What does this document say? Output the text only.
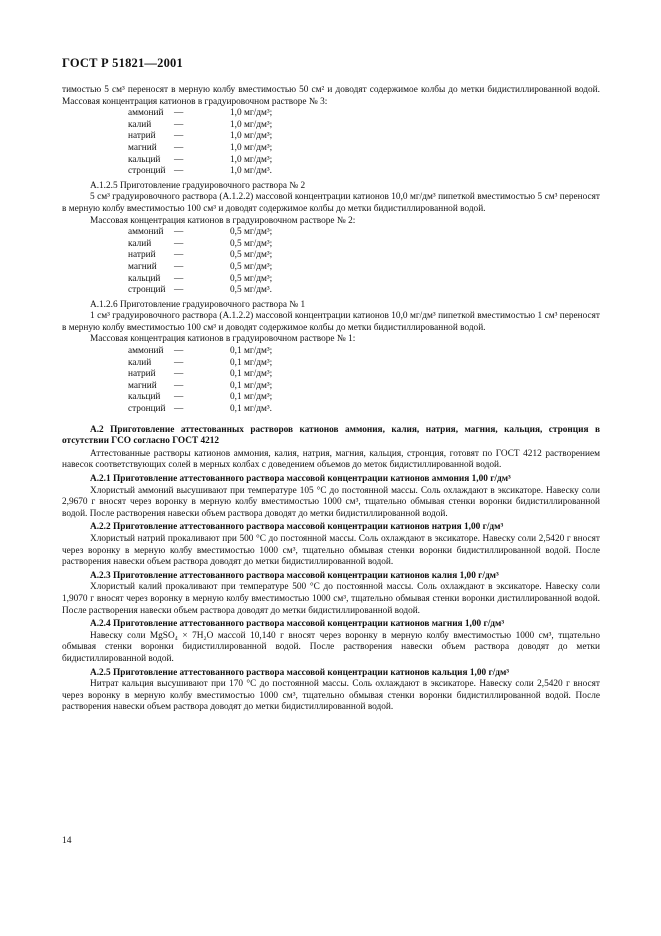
ГОСТ Р 51821—2001

тимостью 5 см³ переносят в мерную колбу вместимостью 50 см² и доводят содержимое колбы до метки бидистиллированной водой. Массовая концентрация катионов в градуировочном растворе № 3:

аммоний	—	1,0 мг/дм³;
калий	—	1,0 мг/дм³;
натрий	—	1,0 мг/дм³;
магний	—	1,0 мг/дм³;
кальций	—	1,0 мг/дм³;
стронций —	1,0 мг/дм³.

А.1.2.5 Приготовление градуировочного раствора № 2

5 см³ градуировочного раствора (А.1.2.2) массовой концентрации катионов 10,0 мг/дм³ пипеткой вместимостью 5 см³ переносят в мерную колбу вместимостью 100 см³ и доводят содержимое колбы до метки бидистиллированной водой.

Массовая концентрация катионов в градуировочном растворе № 2:

аммоний	—	0,5 мг/дм³;
калий	—	0,5 мг/дм³;
натрий	—	0,5 мг/дм³;
магний	—	0,5 мг/дм³;
кальций	—	0,5 мг/дм³;
стронций —	0,5 мг/дм³.

А.1.2.6 Приготовление градуировочного раствора № 1

1 см³ градуировочного раствора (А.1.2.2) массовой концентрации катионов 10,0 мг/дм³ пипеткой вместимостью 1 см³ переносят в мерную колбу вместимостью 100 см³ и доводят содержимое колбы до метки бидистиллированной водой.

Массовая концентрация катионов в градуировочном растворе № 1:

аммоний	—	0,1 мг/дм³;
калий	—	0,1 мг/дм³;
натрий	—	0,1 мг/дм³;
магний	—	0,1 мг/дм³;
кальций	—	0,1 мг/дм³;
стронций —	0,1 мг/дм³.

А.2 Приготовление аттестованных растворов катионов аммония, калия, натрия, магния, кальция, стронция в отсутствии ГСО согласно ГОСТ 4212

Аттестованные растворы катионов аммония, калия, натрия, магния, кальция, стронция, готовят по ГОСТ 4212 растворением навесок соответствующих солей в мерных колбах с доведением объемов до меток бидистиллированной водой.

А.2.1 Приготовление аттестованного раствора массовой концентрации катионов аммония 1,00 г/дм³

Хлористый аммоний высушивают при температуре 105 °С до постоянной массы. Соль охлаждают в эксикаторе. Навеску соли 2,9670 г вносят через воронку в мерную колбу вместимостью 1000 см³, тщательно обмывая стенки воронки бидистиллированной водой. После растворения навески объем раствора доводят до метки бидистиллированной водой.

А.2.2 Приготовление аттестованного раствора массовой концентрации катионов натрия 1,00 г/дм³

Хлористый натрий прокаливают при 500 °С до постоянной массы. Соль охлаждают в эксикаторе. Навеску соли 2,5420 г вносят через воронку в мерную колбу вместимостью 1000 см³, тщательно обмывая стенки воронки бидистиллированной водой. После растворения навески объем раствора доводят до метки бидистиллированной водой.

А.2.3 Приготовление аттестованного раствора массовой концентрации катионов калия 1,00 г/дм³

Хлористый калий прокаливают при температуре 500 °С до постоянной массы. Соль охлаждают в эксикаторе. Навеску соли 1,9070 г вносят через воронку в мерную колбу вместимостью 1000 см³, тщательно обмывая стенки воронки дистиллированной водой. После растворения навески объем раствора доводят до метки бидистиллированной водой.

А.2.4 Приготовление аттестованного раствора массовой концентрации катионов магния 1,00 г/дм³

Навеску соли MgSO₄ × 7H₂O массой 10,140 г вносят через воронку в мерную колбу вместимостью 1000 см³, тщательно обмывая стенки воронки бидистиллированной водой. После растворения навески объем раствора доводят до метки бидистиллированной водой.

А.2.5 Приготовление аттестованного раствора массовой концентрации катионов кальция 1,00 г/дм³

Нитрат кальция высушивают при 170 °С до постоянной массы. Соль охлаждают в эксикаторе. Навеску соли 2,5420 г вносят через воронку в мерную колбу вместимостью 1000 см³, тщательно обмывая стенки воронки бидистиллированной водой. После растворения навески объем раствора доводят до метки бидистиллированной водой.

14
